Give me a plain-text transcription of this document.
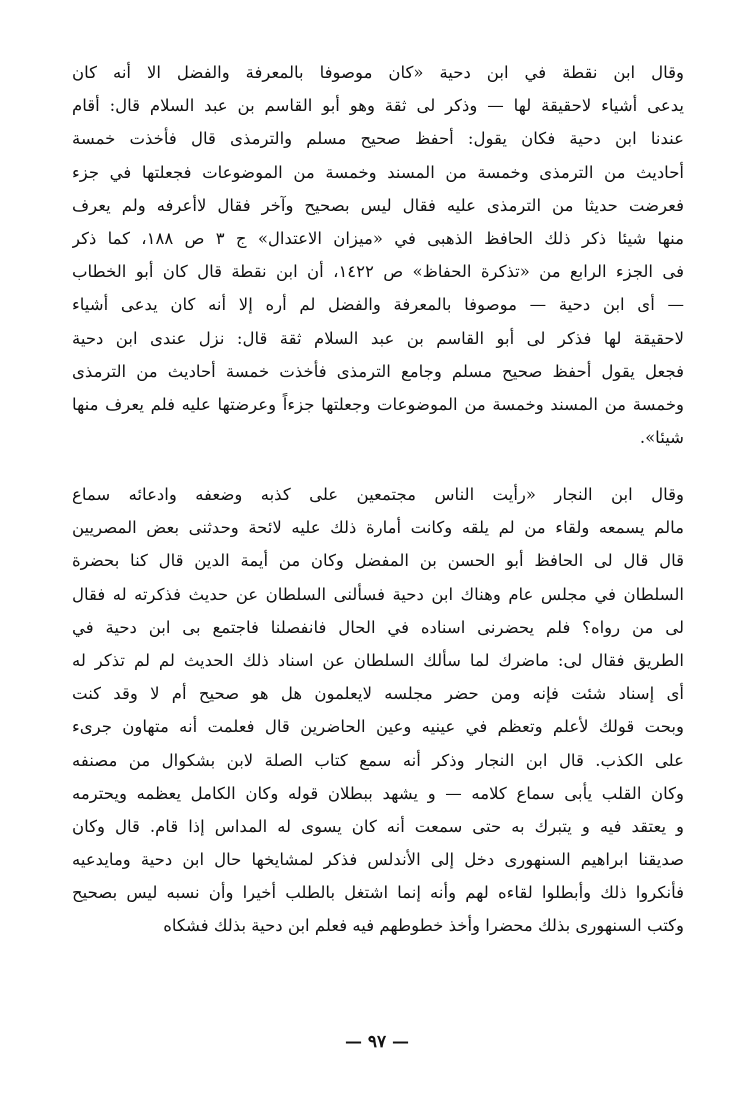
وقال ابن نقطة في ابن دحية «كان موصوفا بالمعرفة والفضل الا أنه كان
يدعى أشياء لاحقيقة لها — وذكر لى ثقة وهو أبو القاسم بن عبد السلام قال: أقام
عندنا ابن دحية فكان يقول: أحفظ صحيح مسلم والترمذى قال فأخذت خمسة
أحاديث من الترمذى وخمسة من المسند وخمسة من الموضوعات فجعلتها في جزء
فعرضت حديثا من الترمذى عليه فقال ليس بصحيح وآخر فقال لاأعرفه ولم يعرف
منها شيئا ذكر ذلك الحافظ الذهبى في «ميزان الاعتدال» ج ٣ ص ١٨٨، كما ذكر
فى الجزء الرابع من «تذكرة الحفاظ» ص ١٤٢٢، أن ابن نقطة قال كان أبو الخطاب
— أى ابن دحية — موصوفا بالمعرفة والفضل لم أره إلا أنه كان يدعى أشياء
لاحقيقة لها فذكر لى أبو القاسم بن عبد السلام ثقة قال: نزل عندى ابن دحية
فجعل يقول أحفظ صحيح مسلم وجامع الترمذى فأخذت خمسة أحاديث من الترمذى
وخمسة من المسند وخمسة من الموضوعات وجعلتها جزءاً وعرضتها عليه فلم يعرف منها
شيئا».
وقال ابن النجار «رأيت الناس مجتمعين على كذبه وضعفه وادعائه سماع
مالم يسمعه ولقاء من لم يلقه وكانت أمارة ذلك عليه لائحة وحدثنى بعض المصريين
قال قال لى الحافظ أبو الحسن بن المفضل وكان من أيمة الدين قال كنا بحضرة
السلطان في مجلس عام وهناك ابن دحية فسألنى السلطان عن حديث فذكرته له فقال
لى من رواه؟ فلم يحضرنى اسناده في الحال فانفصلنا فاجتمع بى ابن دحية في
الطريق فقال لى: ماضرك لما سألك السلطان عن اسناد ذلك الحديث لم لم تذكر له
أى إسناد شئت فإنه ومن حضر مجلسه لايعلمون هل هو صحيح أم لا وقد كنت
وبحت قولك لأعلم وتعظم في عينيه وعين الحاضرين قال فعلمت أنه متهاون جرىء
على الكذب. قال ابن النجار وذكر أنه سمع كتاب الصلة لابن بشكوال من مصنفه
وكان القلب يأبى سماع كلامه — و يشهد ببطلان قوله وكان الكامل يعظمه ويحترمه
و يعتقد فيه و يتبرك به حتى سمعت أنه كان يسوى له المداس إذا قام. قال وكان
صديقنا ابراهيم السنهورى دخل إلى الأندلس فذكر لمشايخها حال ابن دحية ومايدعيه
فأنكروا ذلك وأبطلوا لقاءه لهم وأنه إنما اشتغل بالطلب أخيرا وأن نسبه ليس بصحيح
وكتب السنهورى بذلك محضرا وأخذ خطوطهم فيه فعلم ابن دحية بذلك فشكاه
— ٩٧ —
